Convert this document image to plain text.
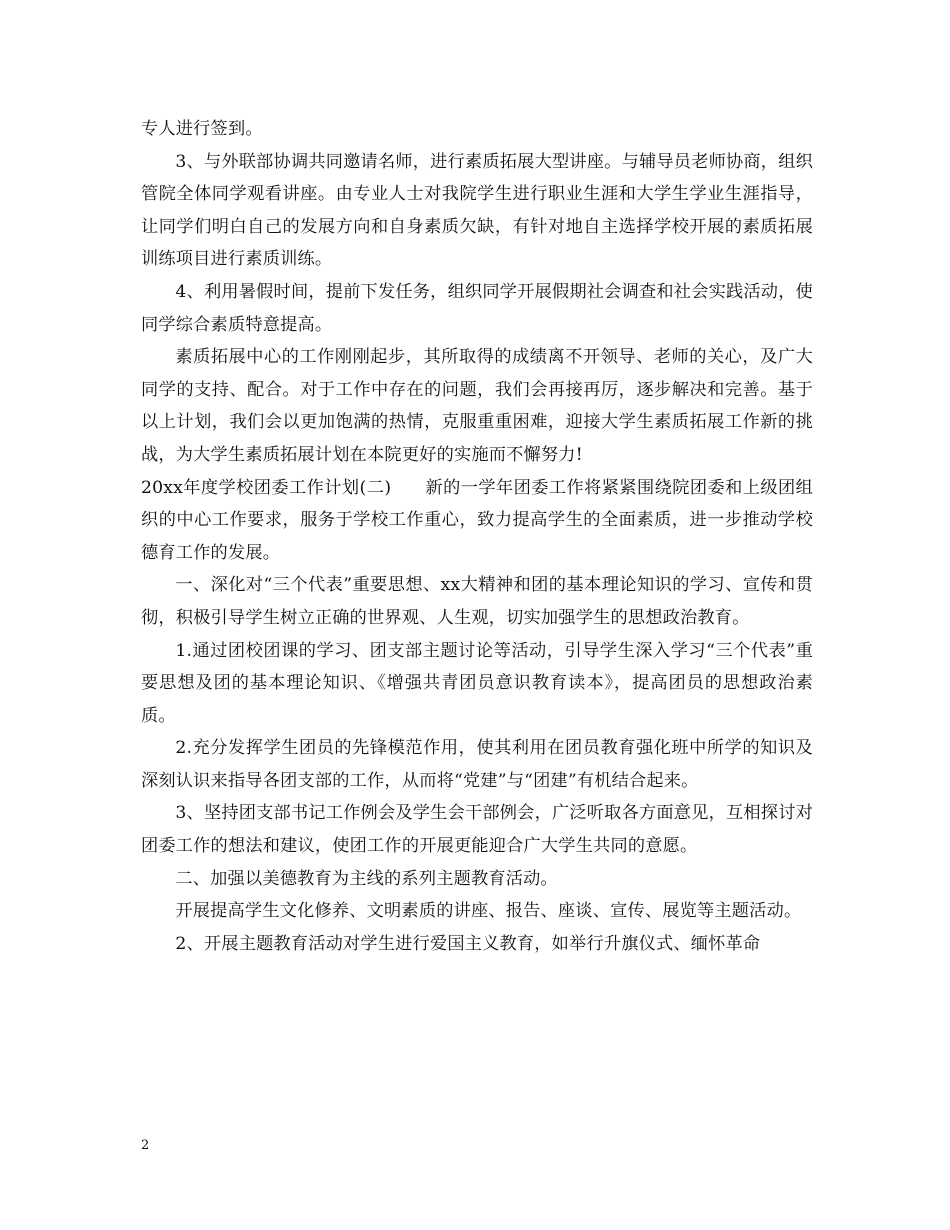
专人进行签到。

3、与外联部协调共同邀请名师，进行素质拓展大型讲座。与辅导员老师协商，组织管院全体同学观看讲座。由专业人士对我院学生进行职业生涯和大学生学业生涯指导，让同学们明白自己的发展方向和自身素质欠缺，有针对地自主选择学校开展的素质拓展训练项目进行素质训练。

4、利用暑假时间，提前下发任务，组织同学开展假期社会调查和社会实践活动，使同学综合素质特意提高。

素质拓展中心的工作刚刚起步，其所取得的成绩离不开领导、老师的关心，及广大同学的支持、配合。对于工作中存在的问题，我们会再接再厉，逐步解决和完善。基于以上计划，我们会以更加饱满的热情，克服重重困难，迎接大学生素质拓展工作新的挑战，为大学生素质拓展计划在本院更好的实施而不懈努力!

20xx年度学校团委工作计划(二) 新的一学年团委工作将紧紧围绕院团委和上级团组织的中心工作要求，服务于学校工作重心，致力提高学生的全面素质，进一步推动学校德育工作的发展。

一、深化对“三个代表”重要思想、xx大精神和团的基本理论知识的学习、宣传和贯彻，积极引导学生树立正确的世界观、人生观，切实加强学生的思想政治教育。

1.通过团校团课的学习、团支部主题讨论等活动，引导学生深入学习“三个代表”重要思想及团的基本理论知识、《增强共青团员意识教育读本》，提高团员的思想政治素质。

2.充分发挥学生团员的先锋模范作用，使其利用在团员教育强化班中所学的知识及深刻认识来指导各团支部的工作，从而将“党建”与“团建”有机结合起来。

3、坚持团支部书记工作例会及学生会干部例会，广泛听取各方面意见，互相探讨对团委工作的想法和建议，使团工作的开展更能迎合广大学生共同的意愿。

二、加强以美德教育为主线的系列主题教育活动。

开展提高学生文化修养、文明素质的讲座、报告、座谈、宣传、展览等主题活动。

2、开展主题教育活动对学生进行爱国主义教育，如举行升旗仪式、缅怀革命

2
